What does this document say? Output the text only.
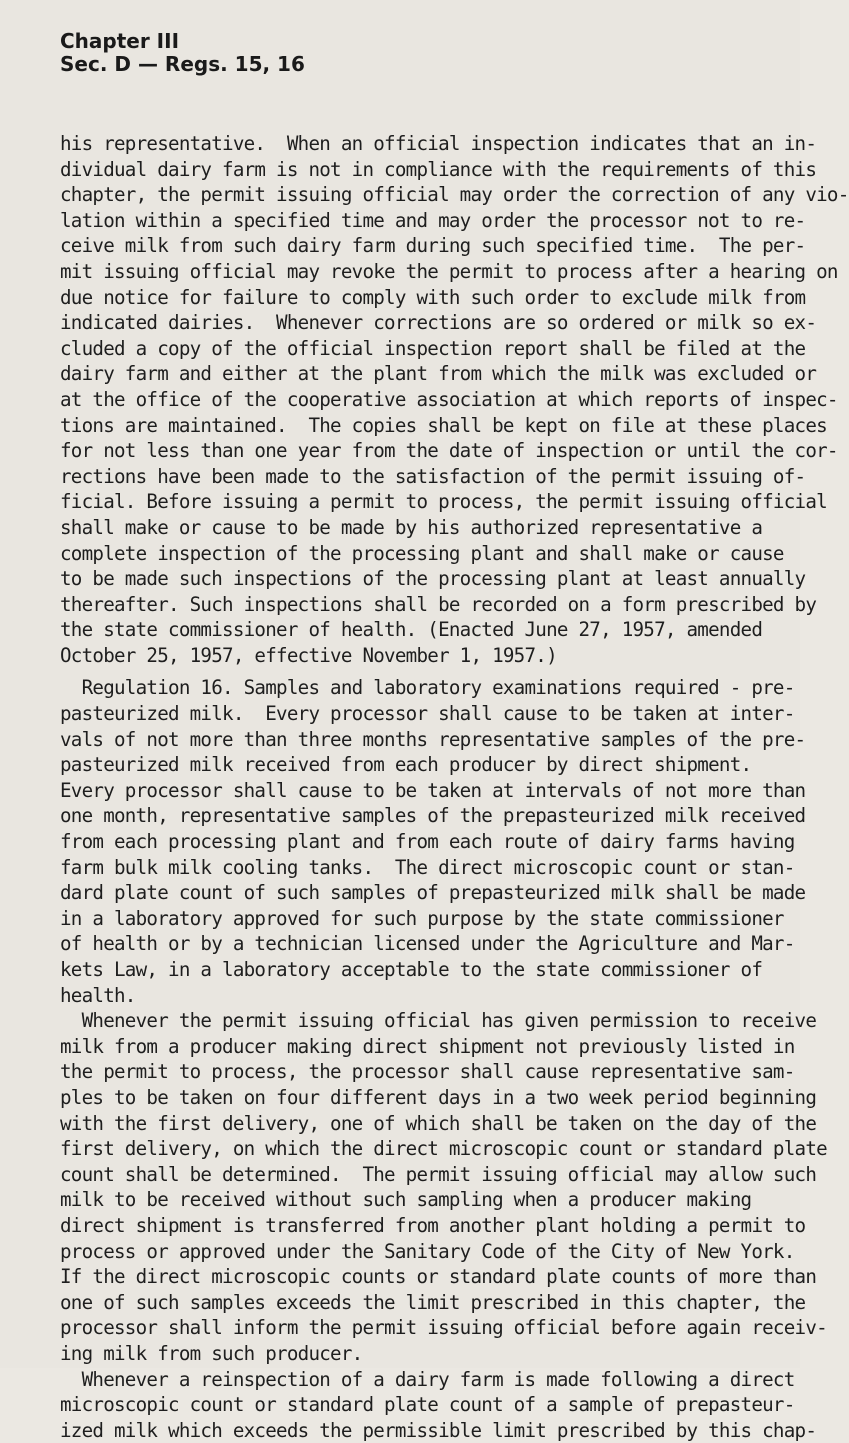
Chapter III
Sec. D — Regs. 15, 16
his representative.  When an official inspection indicates that an in-
dividual dairy farm is not in compliance with the requirements of this
chapter, the permit issuing official may order the correction of any vio-
lation within a specified time and may order the processor not to re-
ceive milk from such dairy farm during such specified time.  The per-
mit issuing official may revoke the permit to process after a hearing on
due notice for failure to comply with such order to exclude milk from
indicated dairies.  Whenever corrections are so ordered or milk so ex-
cluded a copy of the official inspection report shall be filed at the
dairy farm and either at the plant from which the milk was excluded or
at the office of the cooperative association at which reports of inspec-
tions are maintained.  The copies shall be kept on file at these places
for not less than one year from the date of inspection or until the cor-
rections have been made to the satisfaction of the permit issuing of-
ficial. Before issuing a permit to process, the permit issuing official
shall make or cause to be made by his authorized representative a
complete inspection of the processing plant and shall make or cause
to be made such inspections of the processing plant at least annually
thereafter. Such inspections shall be recorded on a form prescribed by
the state commissioner of health. (Enacted June 27, 1957, amended
October 25, 1957, effective November 1, 1957.)
Regulation 16. Samples and laboratory examinations required - pre-
pasteurized milk.  Every processor shall cause to be taken at inter-
vals of not more than three months representative samples of the pre-
pasteurized milk received from each producer by direct shipment.
Every processor shall cause to be taken at intervals of not more than
one month, representative samples of the prepasteurized milk received
from each processing plant and from each route of dairy farms having
farm bulk milk cooling tanks.  The direct microscopic count or stan-
dard plate count of such samples of prepasteurized milk shall be made
in a laboratory approved for such purpose by the state commissioner
of health or by a technician licensed under the Agriculture and Mar-
kets Law, in a laboratory acceptable to the state commissioner of
health.
Whenever the permit issuing official has given permission to receive
milk from a producer making direct shipment not previously listed in
the permit to process, the processor shall cause representative sam-
ples to be taken on four different days in a two week period beginning
with the first delivery, one of which shall be taken on the day of the
first delivery, on which the direct microscopic count or standard plate
count shall be determined.  The permit issuing official may allow such
milk to be received without such sampling when a producer making
direct shipment is transferred from another plant holding a permit to
process or approved under the Sanitary Code of the City of New York.
If the direct microscopic counts or standard plate counts of more than
one of such samples exceeds the limit prescribed in this chapter, the
processor shall inform the permit issuing official before again receiv-
ing milk from such producer.
Whenever a reinspection of a dairy farm is made following a direct
microscopic count or standard plate count of a sample of prepasteur-
ized milk which exceeds the permissible limit prescribed by this chap-
